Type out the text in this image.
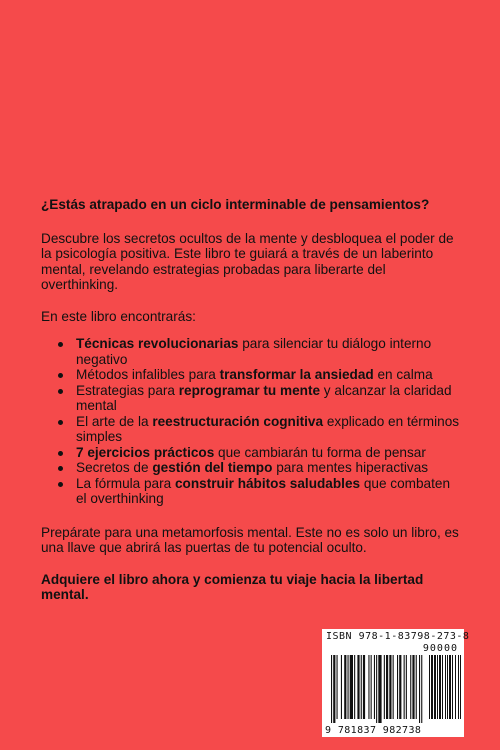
¿Estás atrapado en un ciclo interminable de pensamientos?

Descubre los secretos ocultos de la mente y desbloquea el poder de la psicología positiva. Este libro te guiará a través de un laberinto mental, revelando estrategias probadas para liberarte del overthinking.

En este libro encontrarás:

Técnicas revolucionarias para silenciar tu diálogo interno negativo
Métodos infalibles para transformar la ansiedad en calma
Estrategias para reprogramar tu mente y alcanzar la claridad mental
El arte de la reestructuración cognitiva explicado en términos simples
7 ejercicios prácticos que cambiarán tu forma de pensar
Secretos de gestión del tiempo para mentes hiperactivas
La fórmula para construir hábitos saludables que combaten el overthinking

Prepárate para una metamorfosis mental. Este no es solo un libro, es una llave que abrirá las puertas de tu potencial oculto.

Adquiere el libro ahora y comienza tu viaje hacia la libertad mental.

ISBN 978-1-83798-273-8
90000
9 781837 982738
